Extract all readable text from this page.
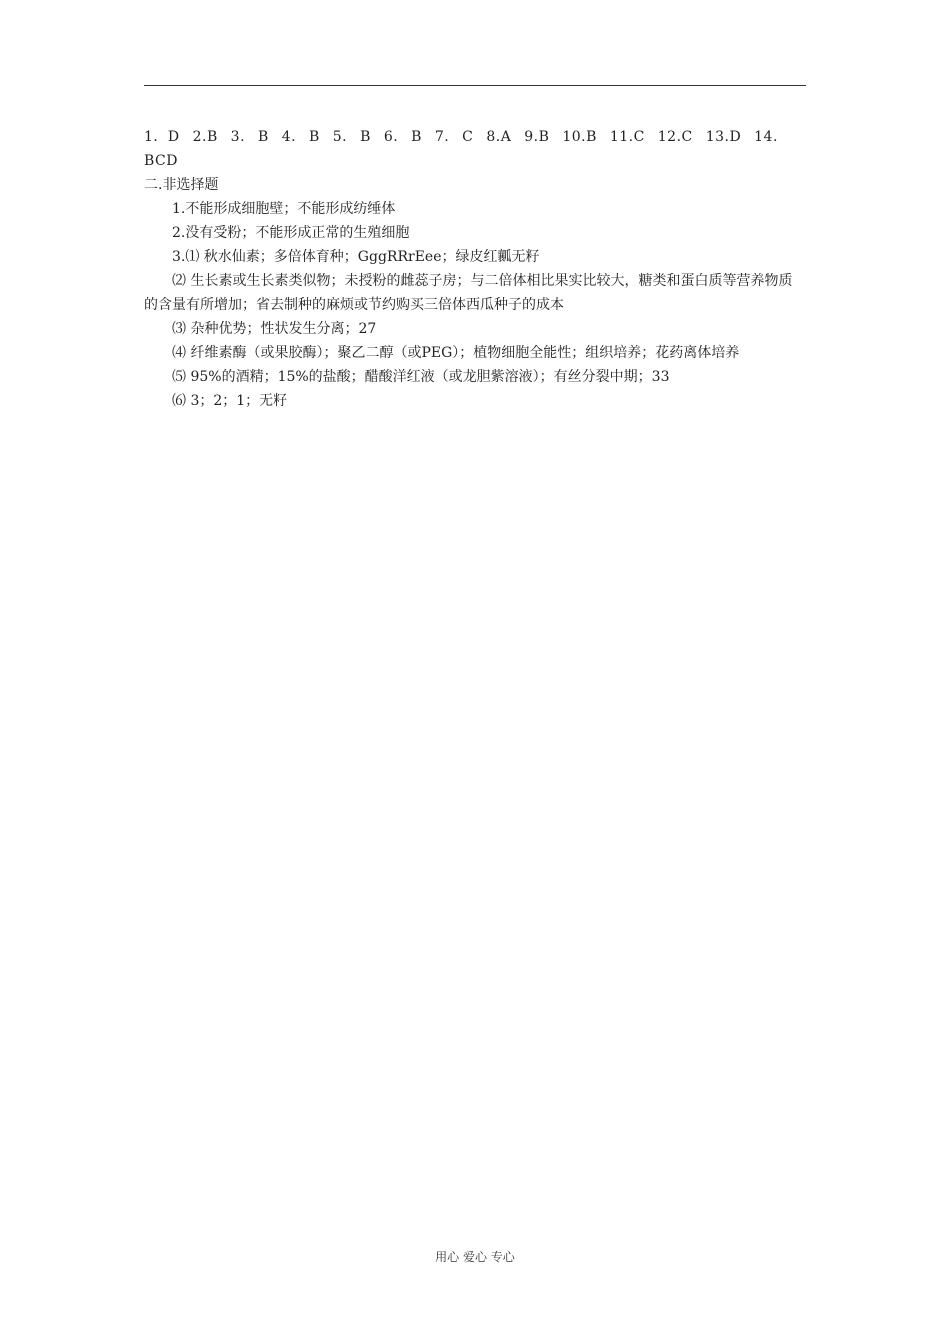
1．D 2.B 3. B 4. B 5. B 6. B 7. C 8.A 9.B 10.B 11.C 12.C 13.D 14. BCD

二.非选择题

1.不能形成细胞壁；不能形成纺缍体

2.没有受粉；不能形成正常的生殖细胞

3.⑴ 秋水仙素；多倍体育种；GggRRrEee；绿皮红瓤无籽

⑵ 生长素或生长素类似物；未授粉的雌蕊子房；与二倍体相比果实比较大，糖类和蛋白质等营养物质的含量有所增加；省去制种的麻烦或节约购买三倍体西瓜种子的成本

⑶ 杂种优势；性状发生分离；27

⑷ 纤维素酶（或果胶酶）；聚乙二醇（或PEG）；植物细胞全能性；组织培养；花药离体培养

⑸ 95%的酒精；15%的盐酸；醋酸洋红液（或龙胆紫溶液）；有丝分裂中期；33

⑹ 3；2；1；无籽

用心 爱心 专心
